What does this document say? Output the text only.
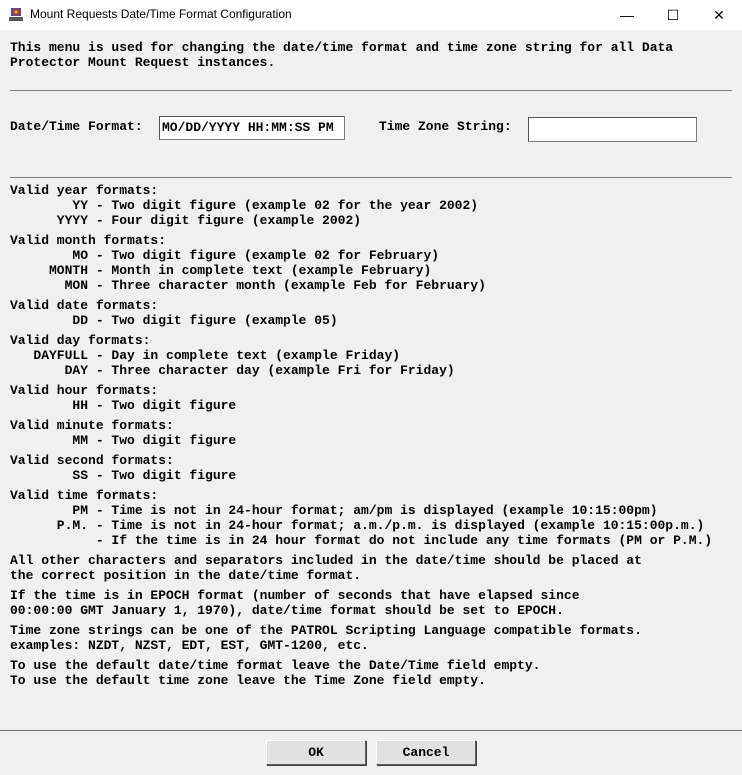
Mount Requests Date/Time Format Configuration	— ☐ ✕
This menu is used for changing the date/time format and time zone string for all Data
Protector Mount Request instances.
Date/Time Format: MO/DD/YYYY HH:MM:SS PM	Time Zone String:
Valid year formats:
YY - Two digit figure (example 02 for the year 2002)
YYYY - Four digit figure (example 2002)
Valid month formats:
MO - Two digit figure (example 02 for February)
MONTH - Month in complete text (example February)
MON - Three character month (example Feb for February)
Valid date formats:
DD - Two digit figure (example 05)
Valid day formats:
DAYFULL - Day in complete text (example Friday)
DAY - Three character day (example Fri for Friday)
Valid hour formats:
HH - Two digit figure
Valid minute formats:
MM - Two digit figure
Valid second formats:
SS - Two digit figure
Valid time formats:
PM - Time is not in 24-hour format; am/pm is displayed (example 10:15:00pm)
P.M. - Time is not in 24-hour format; a.m./p.m. is displayed (example 10:15:00p.m.)
- If the time is in 24 hour format do not include any time formats (PM or P.M.)
All other characters and separators included in the date/time should be placed at
the correct position in the date/time format.
If the time is in EPOCH format (number of seconds that have elapsed since
00:00:00 GMT January 1, 1970), date/time format should be set to EPOCH.
Time zone strings can be one of the PATROL Scripting Language compatible formats.
examples: NZDT, NZST, EDT, EST, GMT-1200, etc.
To use the default date/time format leave the Date/Time field empty.
To use the default time zone leave the Time Zone field empty.
OK	Cancel
